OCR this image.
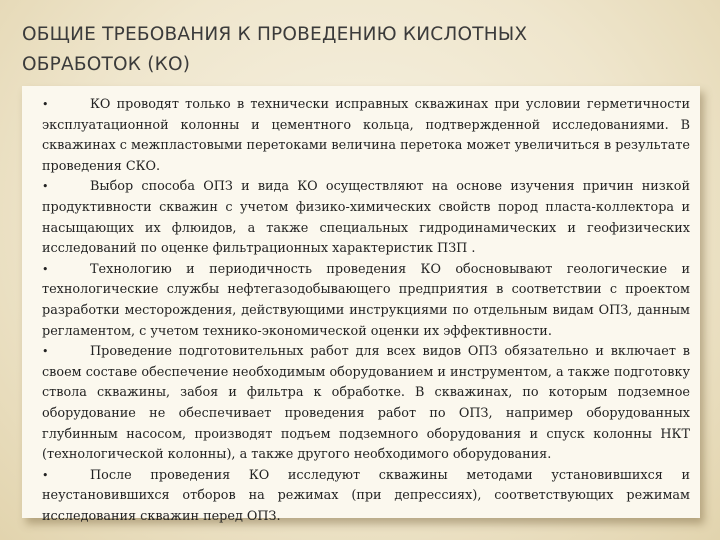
ОБЩИЕ ТРЕБОВАНИЯ К ПРОВЕДЕНИЮ КИСЛОТНЫХ
ОБРАБОТОК (КО)
•	КО проводят только в технически исправных скважинах при условии герметичности эксплуатационной колонны и цементного кольца, подтвержденной исследованиями. В скважинах с межпластовыми перетоками величина перетока может увеличиться в результате проведения СКО.
•	Выбор способа ОПЗ и вида КО осуществляют на основе изучения причин низкой продуктивности скважин с учетом физико-химических свойств пород пласта-коллектора и насыщающих их флюидов, а также специальных гидродинамических и геофизических исследований по оценке фильтрационных характеристик ПЗП .
•	Технологию и периодичность проведения КО обосновывают геологические и технологические службы нефтегазодобывающего предприятия в соответствии с проектом разработки месторождения, действующими инструкциями по отдельным видам ОПЗ, данным регламентом, с учетом технико-экономической оценки их эффективности.
•	Проведение подготовительных работ для всех видов ОПЗ обязательно и включает в своем составе обеспечение необходимым оборудованием и инструментом, а также подготовку ствола скважины, забоя и фильтра к обработке. В скважинах, по которым подземное оборудование не обеспечивает проведения работ по ОПЗ, например оборудованных глубинным насосом, производят подъем подземного оборудования и спуск колонны НКТ (технологической колонны), а также другого необходимого оборудования.
•	После проведения КО исследуют скважины методами установившихся и неустановившихся отборов на режимах (при депрессиях), соответствующих режимам исследования скважин перед ОПЗ.
